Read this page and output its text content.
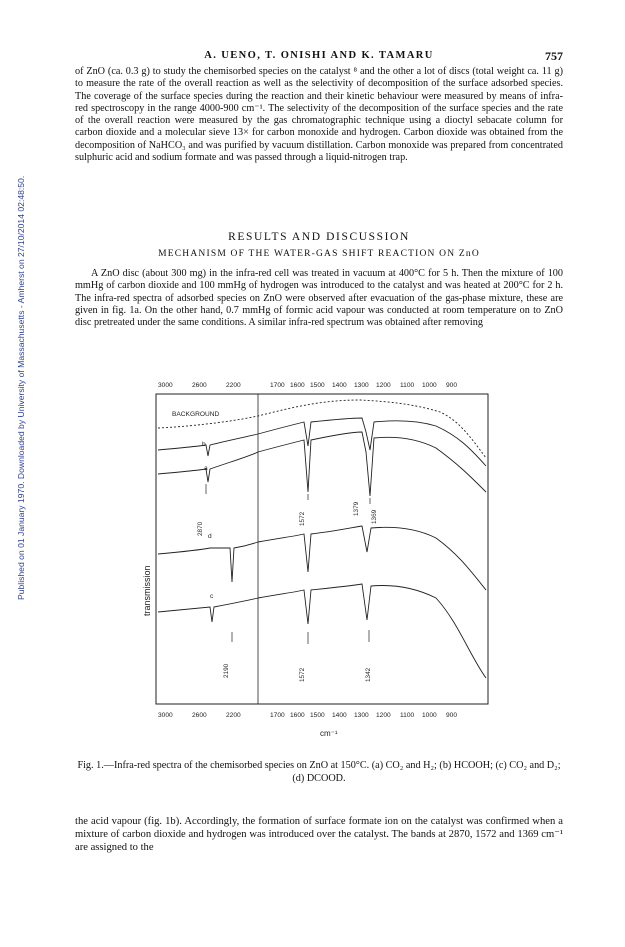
Published on 01 January 1970. Downloaded by University of Massachusetts - Amherst on 27/10/2014 02:48:50.
A. UENO, T. ONISHI AND K. TAMARU	757

of ZnO (ca. 0.3 g) to study the chemisorbed species on the catalyst ⁸ and the other a lot of discs (total weight ca. 11 g) to measure the rate of the overall reaction as well as the selectivity of decomposition of the surface adsorbed species. The coverage of the surface species during the reaction and their kinetic behaviour were measured by means of infra-red spectroscopy in the range 4000-900 cm⁻¹. The selectivity of the decomposition of the surface species and the rate of the overall reaction were measured by the gas chromatographic technique using a dioctyl sebacate column for carbon dioxide and a molecular sieve 13× for carbon monoxide and hydrogen. Carbon dioxide was obtained from the decomposition of NaHCO₃ and was purified by vacuum distillation. Carbon monoxide was prepared from concentrated sulphuric acid and sodium formate and was passed through a liquid-nitrogen trap.

RESULTS AND DISCUSSION
MECHANISM OF THE WATER-GAS SHIFT REACTION ON ZnO

A ZnO disc (about 300 mg) in the infra-red cell was treated in vacuum at 400°C for 5 h. Then the mixture of 100 mmHg of carbon dioxide and 100 mmHg of hydrogen was introduced to the catalyst and was heated at 200°C for 2 h. The infra-red spectra of adsorbed species on ZnO were observed after evacuation of the gas-phase mixture, these are given in fig. 1a. On the other hand, 0.7 mmHg of formic acid vapour was conducted at room temperature on to ZnO disc pretreated under the same conditions. A similar infra-red spectrum was obtained after removing

3000	2600	2200	1700 1600 1500 1400 1300 1200 1100 1000 900
3000	2600	2200	1700 1600 1500 1400 1300 1200 1100 1000 900
cm⁻¹
transmission
BACKGROUND
b
a
d
c
2870
1572
1379
1369
2190	1572	1342
Fig. 1.—Infra-red spectra of the chemisorbed species on ZnO at 150°C. (a) CO₂ and H₂; (b) HCOOH; (c) CO₂ and D₂; (d) DCOOD.

the acid vapour (fig. 1b). Accordingly, the formation of surface formate ion on the catalyst was confirmed when a mixture of carbon dioxide and hydrogen was introduced over the catalyst. The bands at 2870, 1572 and 1369 cm⁻¹ are assigned to the
